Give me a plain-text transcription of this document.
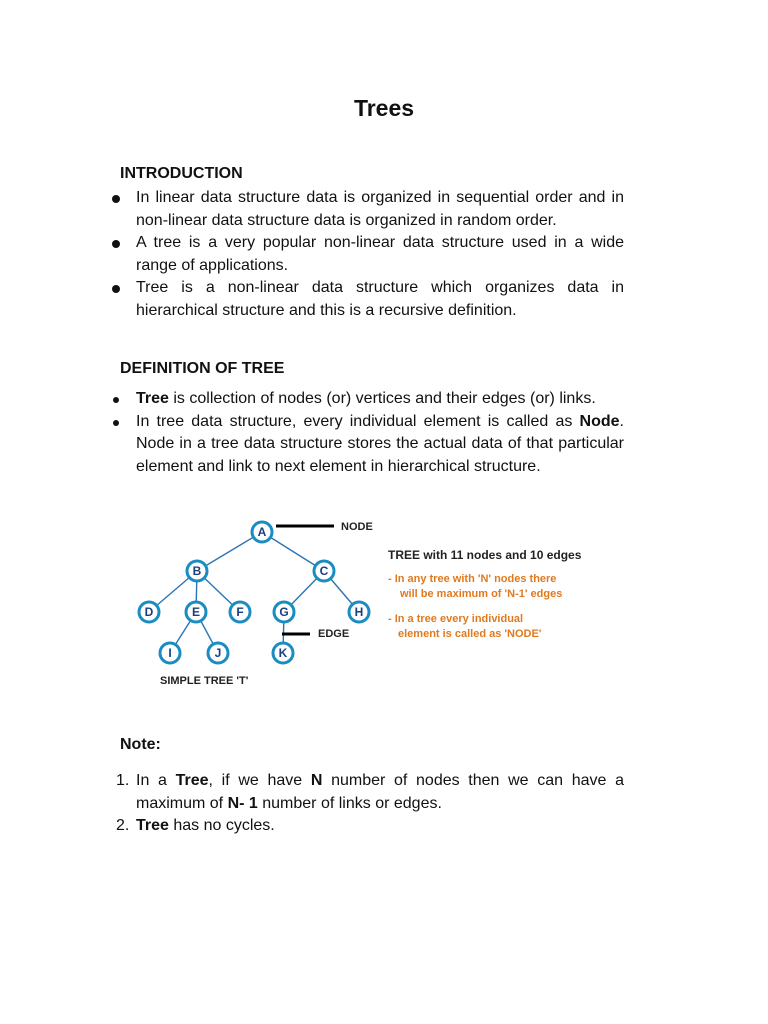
Trees
INTRODUCTION
In linear data structure data is organized in sequential order and in non-linear data structure data is organized in random order.
A tree is a very popular non-linear data structure used in a wide range of applications.
Tree is a non-linear data structure which organizes data in hierarchical structure and this is a recursive definition.
DEFINITION OF TREE
Tree is collection of nodes (or) vertices and their edges (or) links.
In tree data structure, every individual element is called as Node. Node in a tree data structure stores the actual data of that particular element and link to next element in hierarchical structure.
A
B	C
D	E	F	G	H
I	J	K
NODE
EDGE
SIMPLE TREE 'T'
TREE with 11 nodes and 10 edges
- In any tree with 'N' nodes there
will be maximum of 'N-1' edges
- In a tree every individual
element is called as 'NODE'
Note:
1. In a Tree, if we have N number of nodes then we can have a maximum of N- 1 number of links or edges.
2. Tree has no cycles.
